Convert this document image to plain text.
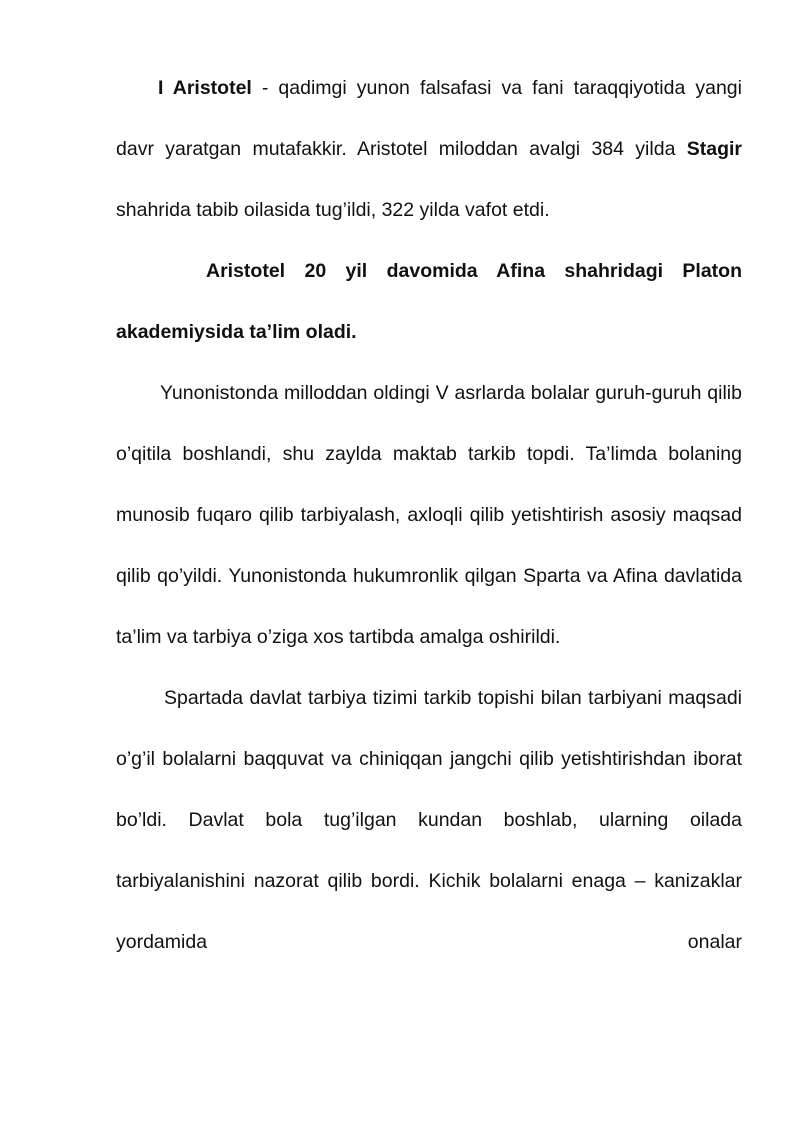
I Aristotel - qadimgi yunon falsafasi va fani taraqqiyotida yangi davr yaratgan mutafakkir. Aristotel miloddan avalgi 384 yilda Stagir shahrida tabib oilasida tug’ildi, 322 yilda vafot etdi.

Aristotel 20 yil davomida Afina shahridagi Platon akademiysida ta’lim oladi.

Yunonistonda milloddan oldingi V asrlarda bolalar guruh-guruh qilib o’qitila boshlandi, shu zaylda maktab tarkib topdi. Ta’limda bolaning munosib fuqaro qilib tarbiyalash, axloqli qilib yetishtirish asosiy maqsad qilib qo’yildi. Yunonistonda hukumronlik qilgan Sparta va Afina davlatida ta’lim va tarbiya o’ziga xos tartibda amalga oshirildi.

Spartada davlat tarbiya tizimi tarkib topishi bilan tarbiyani maqsadi o’g’il bolalarni baqquvat va chiniqqan jangchi qilib yetishtirishdan iborat bo’ldi. Davlat bola tug’ilgan kundan boshlab, ularning oilada tarbiyalanishini nazorat qilib bordi. Kichik bolalarni enaga – kanizaklar yordamida onalar
